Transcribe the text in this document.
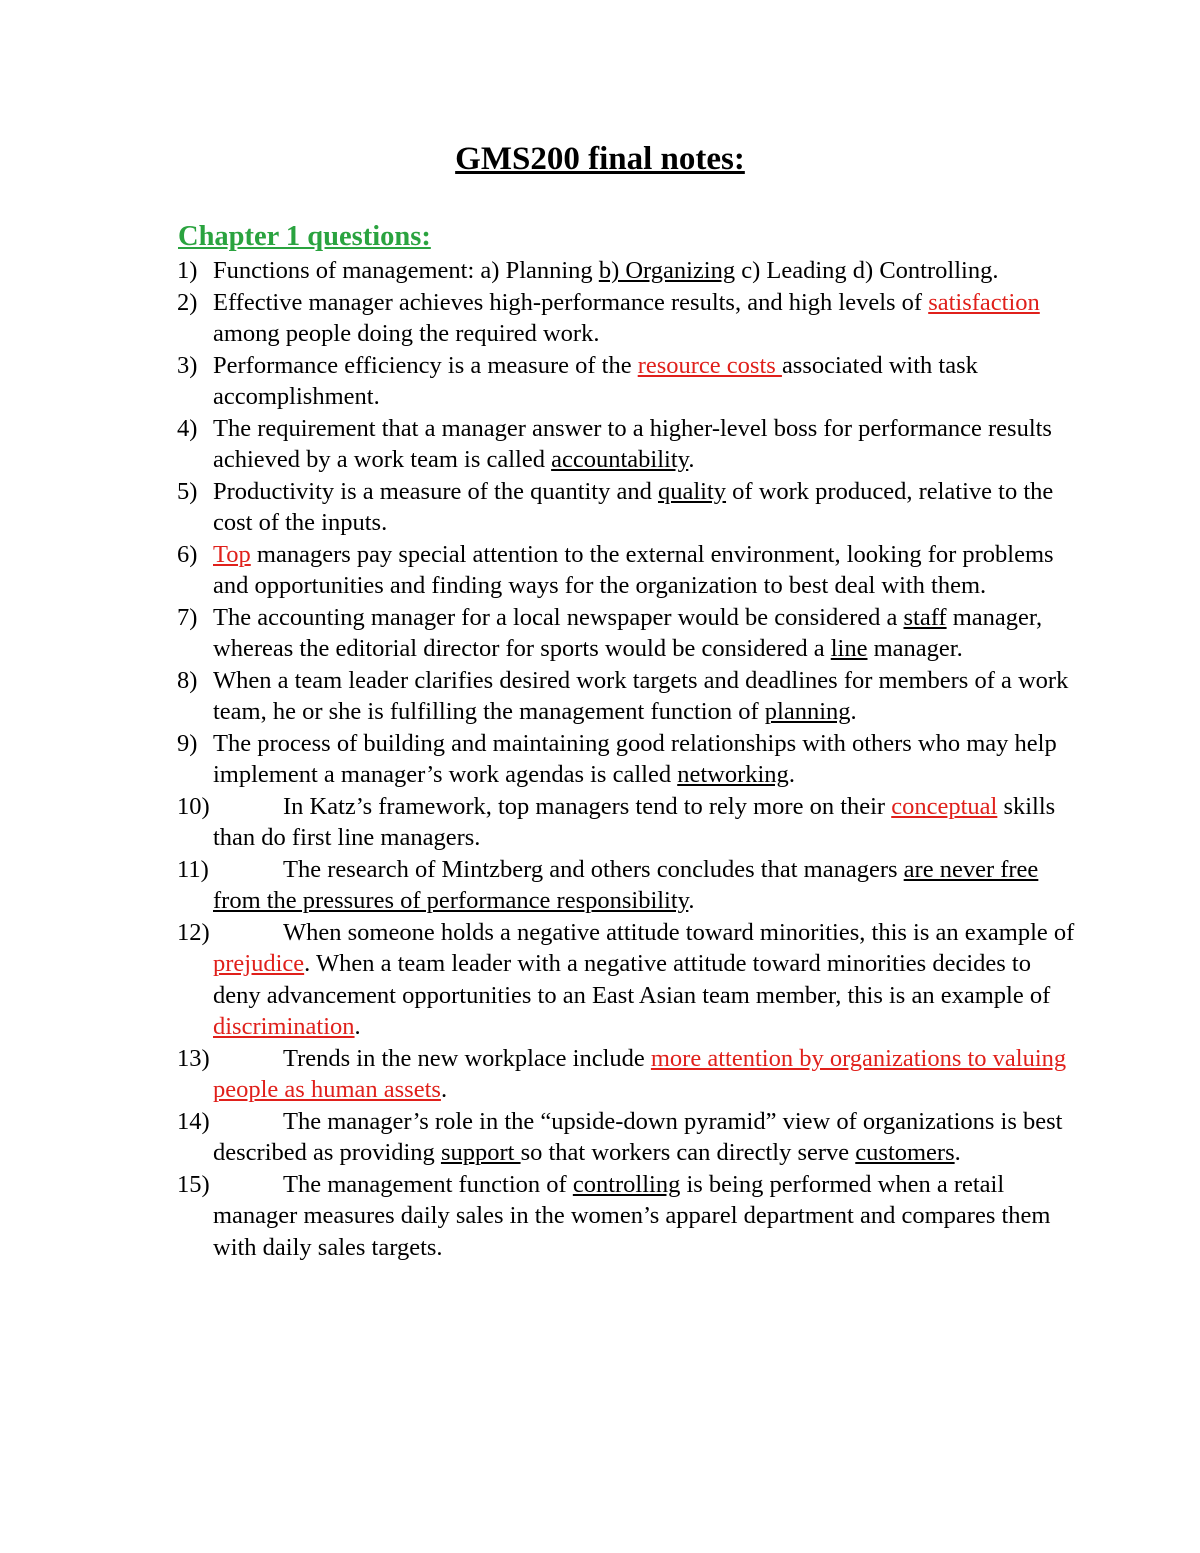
GMS200 final notes:
Chapter 1 questions:
1) Functions of management: a) Planning b) Organizing c) Leading d) Controlling.
2) Effective manager achieves high-performance results, and high levels of satisfaction among people doing the required work.
3) Performance efficiency is a measure of the resource costs associated with task accomplishment.
4) The requirement that a manager answer to a higher-level boss for performance results achieved by a work team is called accountability.
5) Productivity is a measure of the quantity and quality of work produced, relative to the cost of the inputs.
6) Top managers pay special attention to the external environment, looking for problems and opportunities and finding ways for the organization to best deal with them.
7) The accounting manager for a local newspaper would be considered a staff manager, whereas the editorial director for sports would be considered a line manager.
8) When a team leader clarifies desired work targets and deadlines for members of a work team, he or she is fulfilling the management function of planning.
9) The process of building and maintaining good relationships with others who may help implement a manager’s work agendas is called networking.
10)	In Katz’s framework, top managers tend to rely more on their conceptual skills than do first line managers.
11)	The research of Mintzberg and others concludes that managers are never free from the pressures of performance responsibility.
12)	When someone holds a negative attitude toward minorities, this is an example of prejudice. When a team leader with a negative attitude toward minorities decides to deny advancement opportunities to an East Asian team member, this is an example of discrimination.
13)	Trends in the new workplace include more attention by organizations to valuing people as human assets.
14)	The manager’s role in the “upside-down pyramid” view of organizations is best described as providing support so that workers can directly serve customers.
15)	The management function of controlling is being performed when a retail manager measures daily sales in the women’s apparel department and compares them with daily sales targets.
